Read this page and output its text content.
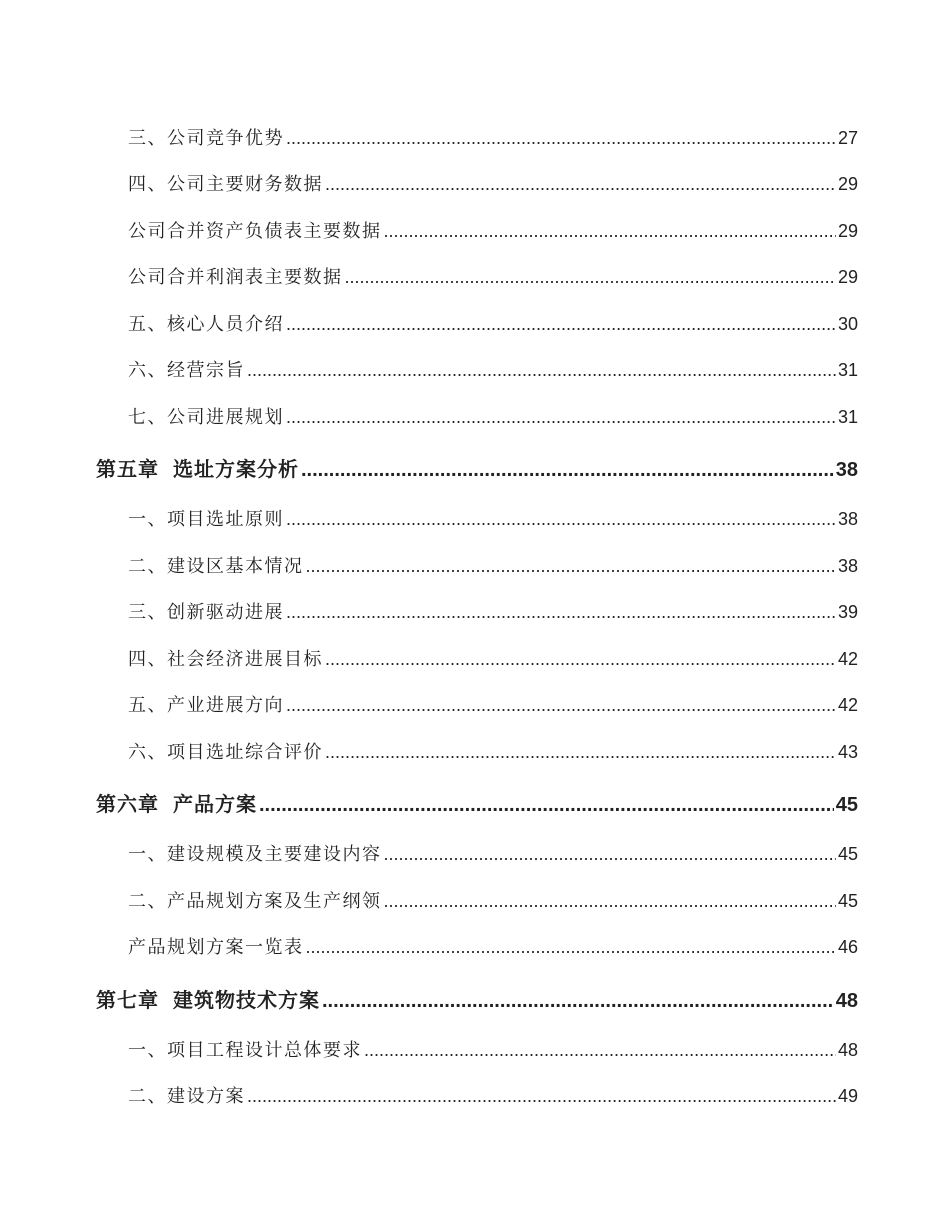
三、 公司竞争优势 .....	27
四、 公司主要财务数据 .....	29
公司合并资产负债表主要数据 .....	29
公司合并利润表主要数据 .....	29
五、 核心人员介绍 .....	30
六、 经营宗旨 .....	31
七、 公司进展规划 .....	31
第五章 选址方案分析 .....	38
一、 项目选址原则 .....	38
二、 建设区基本情况 .....	38
三、 创新驱动进展 .....	39
四、 社会经济进展目标 .....	42
五、 产业进展方向 .....	42
六、 项目选址综合评价 .....	43
第六章 产品方案 .....	45
一、 建设规模及主要建设内容 .....	45
二、 产品规划方案及生产纲领 .....	45
产品规划方案一览表 .....	46
第七章 建筑物技术方案 .....	48
一、 项目工程设计总体要求 .....	48
二、 建设方案 .....	49
